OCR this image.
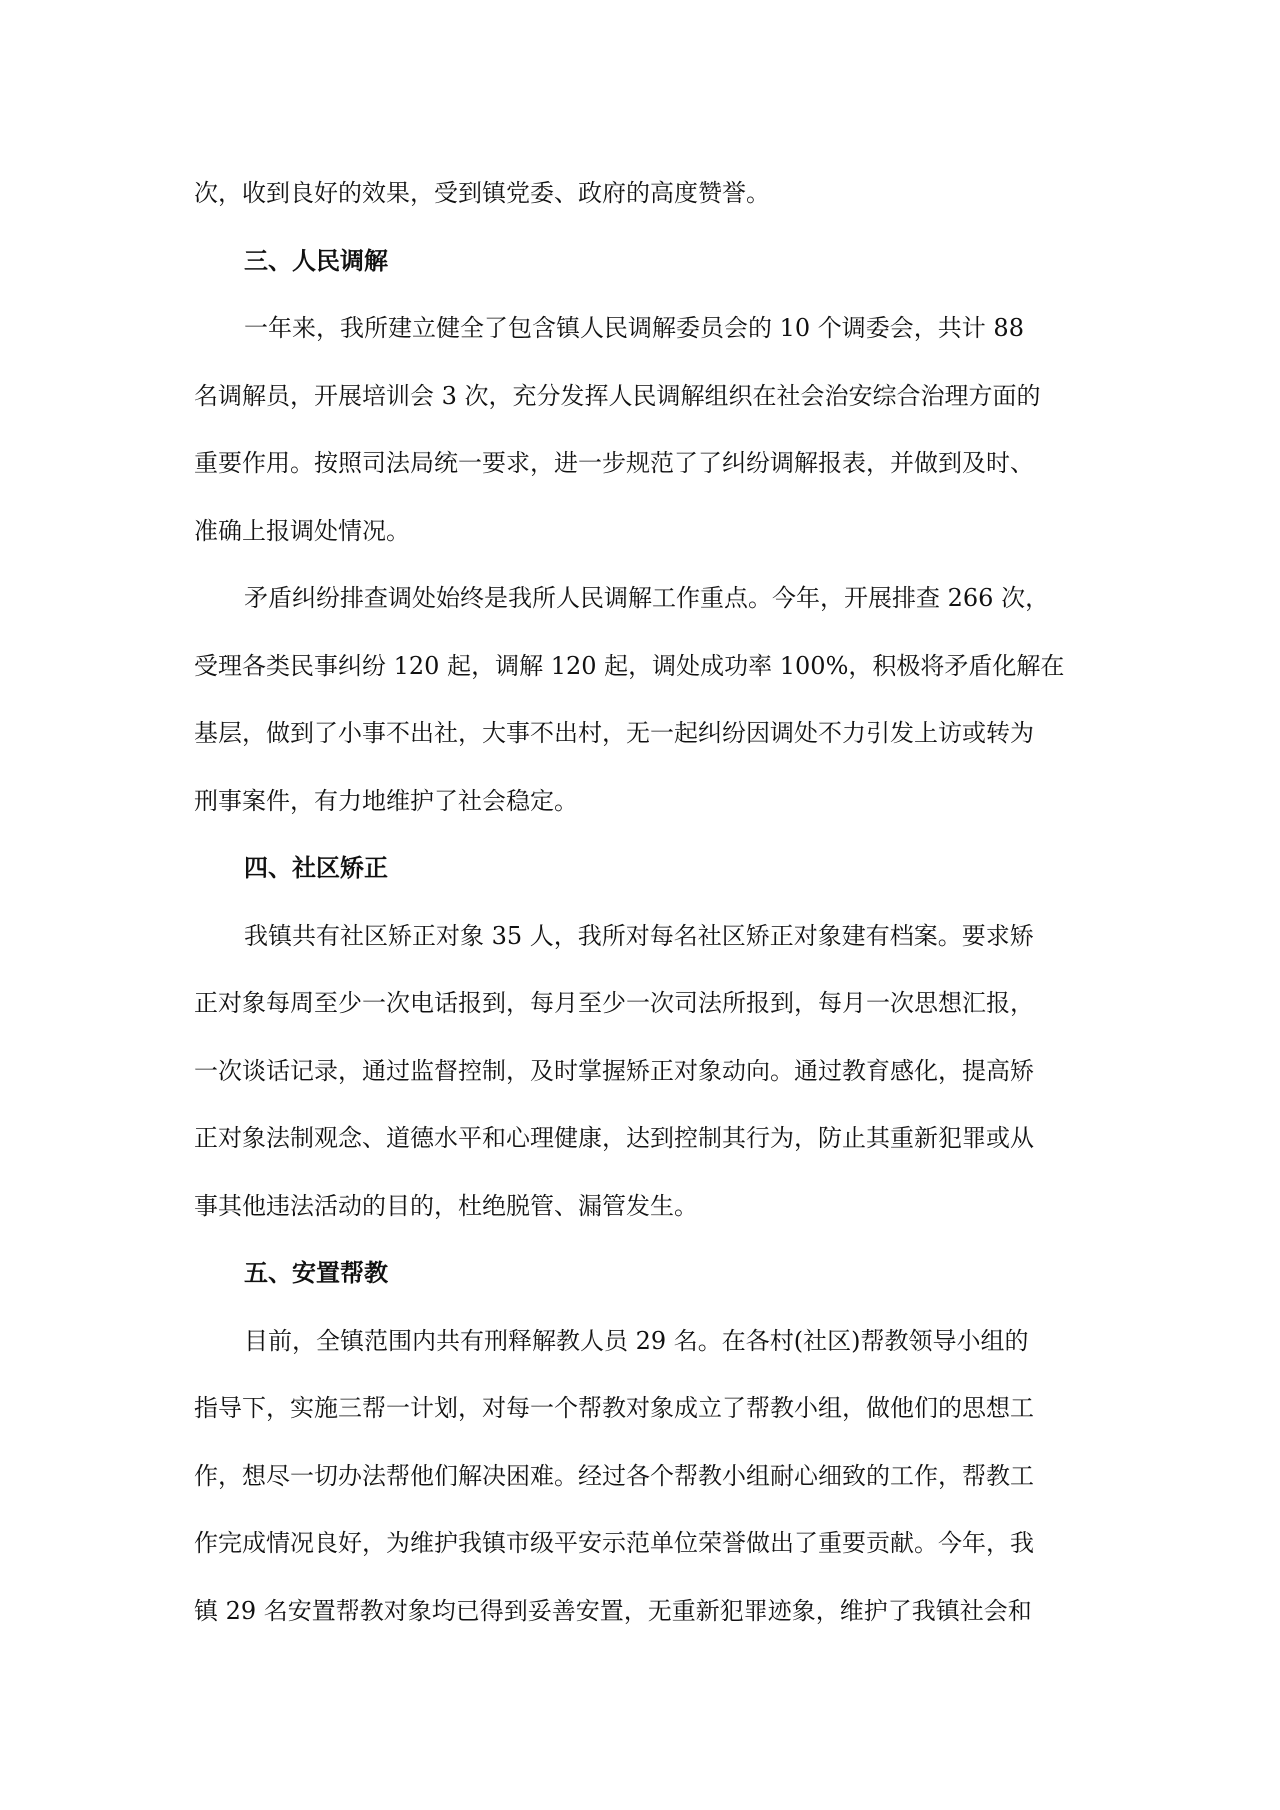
次，收到良好的效果，受到镇党委、政府的高度赞誉。
三、人民调解
一年来，我所建立健全了包含镇人民调解委员会的 10 个调委会，共计 88
名调解员，开展培训会 3 次，充分发挥人民调解组织在社会治安综合治理方面的
重要作用。按照司法局统一要求，进一步规范了了纠纷调解报表，并做到及时、
准确上报调处情况。
矛盾纠纷排查调处始终是我所人民调解工作重点。今年，开展排查 266 次，
受理各类民事纠纷 120 起，调解 120 起，调处成功率 100%，积极将矛盾化解在
基层，做到了小事不出社，大事不出村，无一起纠纷因调处不力引发上访或转为
刑事案件，有力地维护了社会稳定。
四、社区矫正
我镇共有社区矫正对象 35 人，我所对每名社区矫正对象建有档案。要求矫
正对象每周至少一次电话报到，每月至少一次司法所报到，每月一次思想汇报，
一次谈话记录，通过监督控制，及时掌握矫正对象动向。通过教育感化，提高矫
正对象法制观念、道德水平和心理健康，达到控制其行为，防止其重新犯罪或从
事其他违法活动的目的，杜绝脱管、漏管发生。
五、安置帮教
目前，全镇范围内共有刑释解教人员 29 名。在各村(社区)帮教领导小组的
指导下，实施三帮一计划，对每一个帮教对象成立了帮教小组，做他们的思想工
作，想尽一切办法帮他们解决困难。经过各个帮教小组耐心细致的工作，帮教工
作完成情况良好，为维护我镇市级平安示范单位荣誉做出了重要贡献。今年，我
镇 29 名安置帮教对象均已得到妥善安置，无重新犯罪迹象，维护了我镇社会和
